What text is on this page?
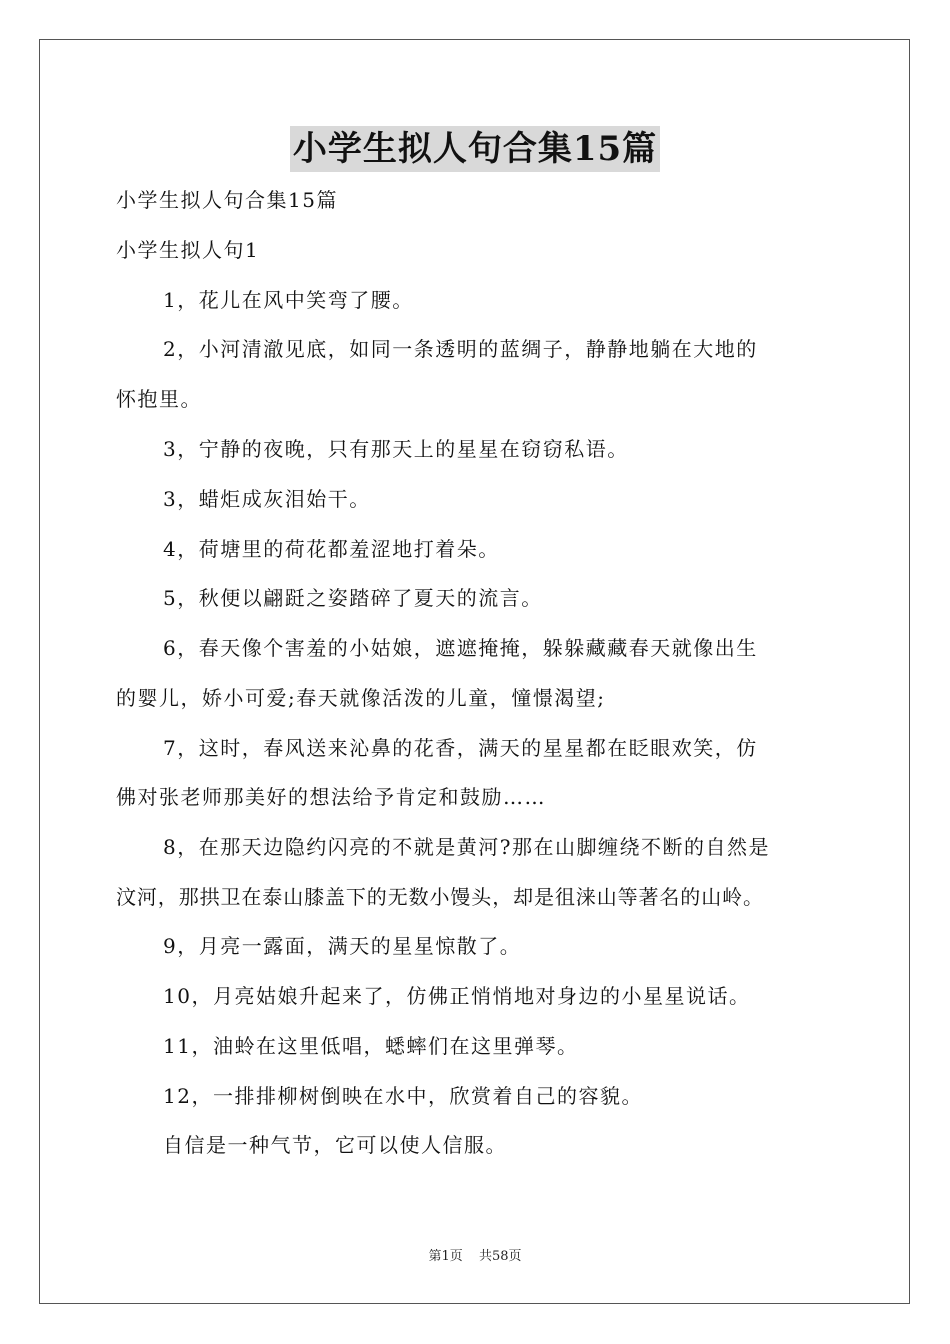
小学生拟人句合集15篇
小学生拟人句合集15篇
小学生拟人句1
1，花儿在风中笑弯了腰。
2，小河清澈见底，如同一条透明的蓝绸子，静静地躺在大地的
怀抱里。
3，宁静的夜晚，只有那天上的星星在窃窃私语。
3，蜡炬成灰泪始干。
4，荷塘里的荷花都羞涩地打着朵。
5，秋便以翩跹之姿踏碎了夏天的流言。
6，春天像个害羞的小姑娘，遮遮掩掩，躲躲藏藏春天就像出生
的婴儿，娇小可爱;春天就像活泼的儿童，憧憬渴望;
7，这时，春风送来沁鼻的花香，满天的星星都在眨眼欢笑，仿
佛对张老师那美好的想法给予肯定和鼓励……
8，在那天边隐约闪亮的不就是黄河?那在山脚缠绕不断的自然是
汶河，那拱卫在泰山膝盖下的无数小馒头，却是徂涞山等著名的山岭。
9，月亮一露面，满天的星星惊散了。
10，月亮姑娘升起来了，仿佛正悄悄地对身边的小星星说话。
11，油蛉在这里低唱，蟋蟀们在这里弹琴。
12，一排排柳树倒映在水中，欣赏着自己的容貌。
自信是一种气节，它可以使人信服。
第1页 共58页
